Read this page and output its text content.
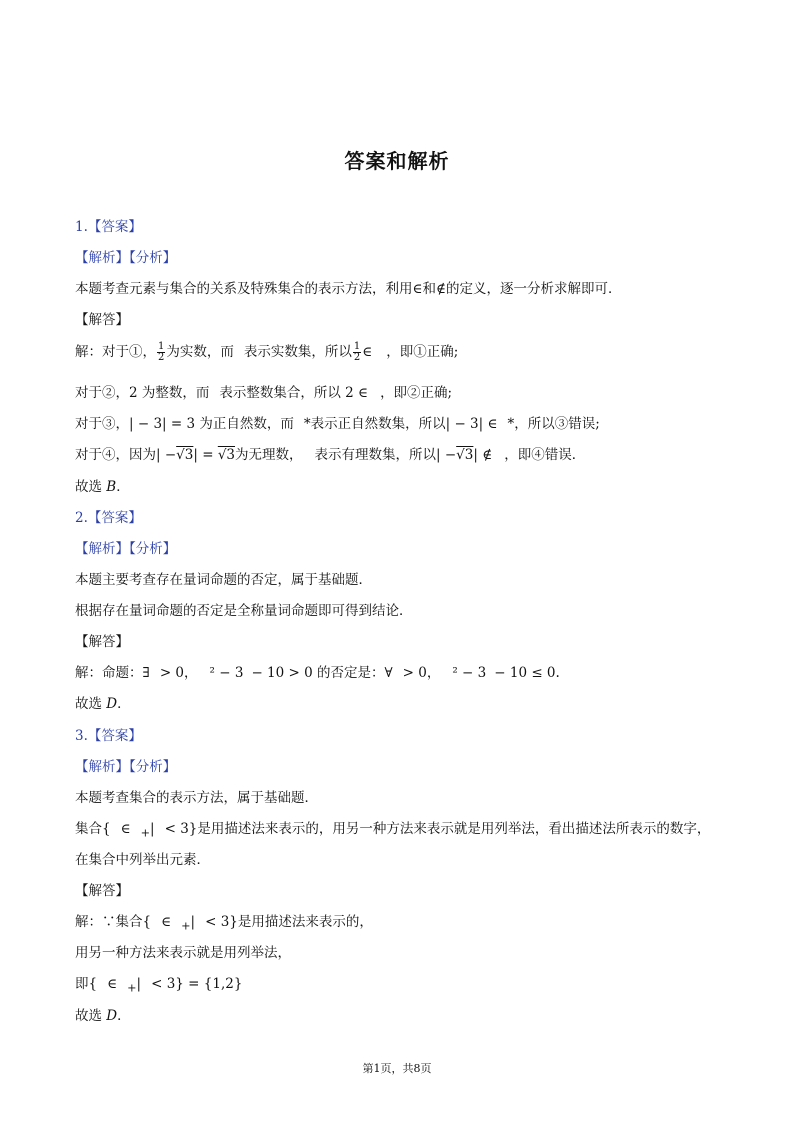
答案和解析
1.【答案】
【解析】【分析】
本题考查元素与集合的关系及特殊集合的表示方法，利用∈和∉的定义，逐一分析求解即可．
【解答】
解：对于①， $\frac{1}{2}$ 为实数，而 表示实数集，所以 $\frac{1}{2}$ ∈ ，即①正确;
对于②，2 为整数，而 表示整数集合，所以 2 ∈ ，即②正确;
对于③，| − 3| = 3 为正自然数，而 *表示正自然数集，所以| − 3| ∈ *，所以③错误;
对于④，因为| −√3| = √3为无理数， 表示有理数集，所以| −√3| ∉ ，即④错误．
故选 B．
2.【答案】
【解析】【分析】
本题主要考查存在量词命题的否定，属于基础题．
根据存在量词命题的否定是全称量词命题即可得到结论．
【解答】
解：命题：∃ > 0， ² − 3 − 10 > 0 的否定是：∀ > 0， ² − 3 − 10 ≤ 0.
故选 D．
3.【答案】
【解析】【分析】
本题考查集合的表示方法，属于基础题．
集合{ ∈ $_+$| < 3}是用描述法来表示的，用另一种方法来表示就是用列举法，看出描述法所表示的数字，
在集合中列举出元素．
【解答】
解：∵集合{ ∈ $_+$| < 3}是用描述法来表示的，
用另一种方法来表示就是用列举法，
即{ ∈ $_+$| < 3} = {1,2}
故选 D．
第1页，共8页
